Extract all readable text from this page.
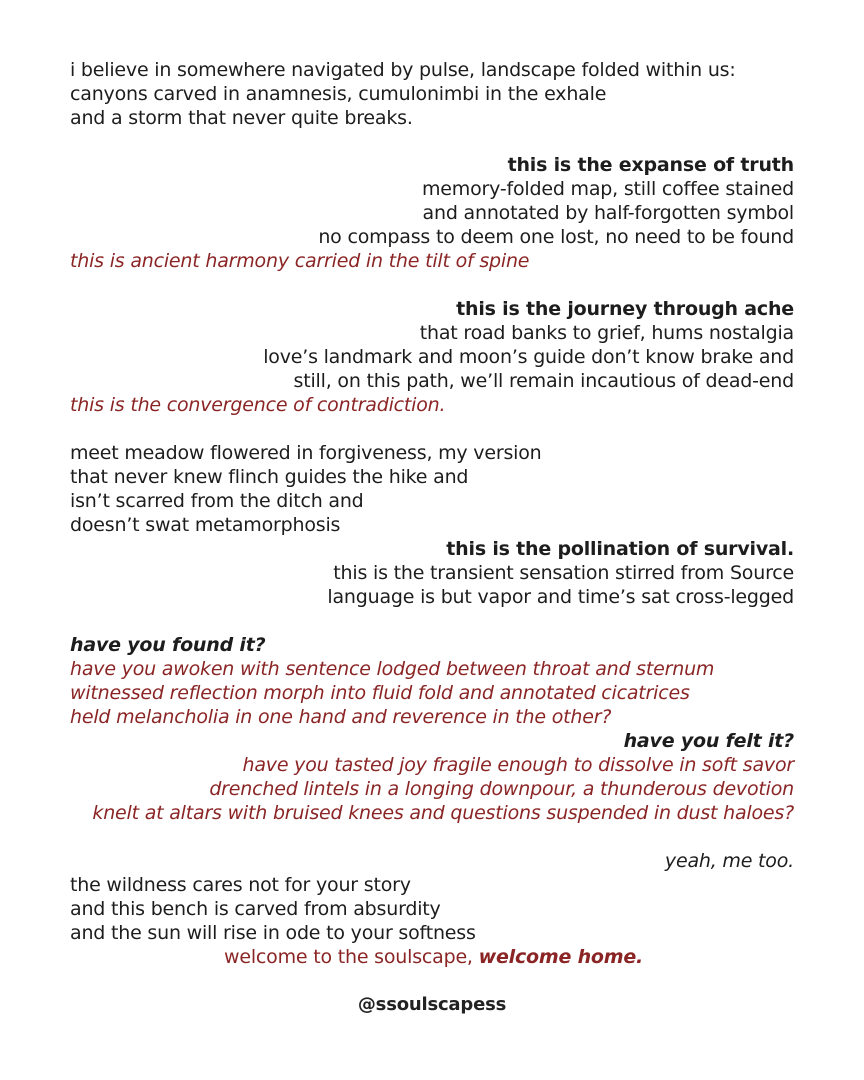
i believe in somewhere navigated by pulse, landscape folded within us:
canyons carved in anamnesis, cumulonimbi in the exhale
and a storm that never quite breaks.
this is the expanse of truth
memory-folded map, still coffee stained
and annotated by half-forgotten symbol
no compass to deem one lost, no need to be found
this is ancient harmony carried in the tilt of spine
this is the journey through ache
that road banks to grief, hums nostalgia
love’s landmark and moon’s guide don’t know brake and
still, on this path, we’ll remain incautious of dead-end
this is the convergence of contradiction.
meet meadow flowered in forgiveness, my version
that never knew flinch guides the hike and
isn’t scarred from the ditch and
doesn’t swat metamorphosis
this is the pollination of survival.
this is the transient sensation stirred from Source
language is but vapor and time’s sat cross-legged
have you found it?
have you awoken with sentence lodged between throat and sternum
witnessed reflection morph into fluid fold and annotated cicatrices
held melancholia in one hand and reverence in the other?
have you felt it?
have you tasted joy fragile enough to dissolve in soft savor
drenched lintels in a longing downpour, a thunderous devotion
knelt at altars with bruised knees and questions suspended in dust haloes?
yeah, me too.
the wildness cares not for your story
and this bench is carved from absurdity
and the sun will rise in ode to your softness
welcome to the soulscape, welcome home.
@ssoulscapess
